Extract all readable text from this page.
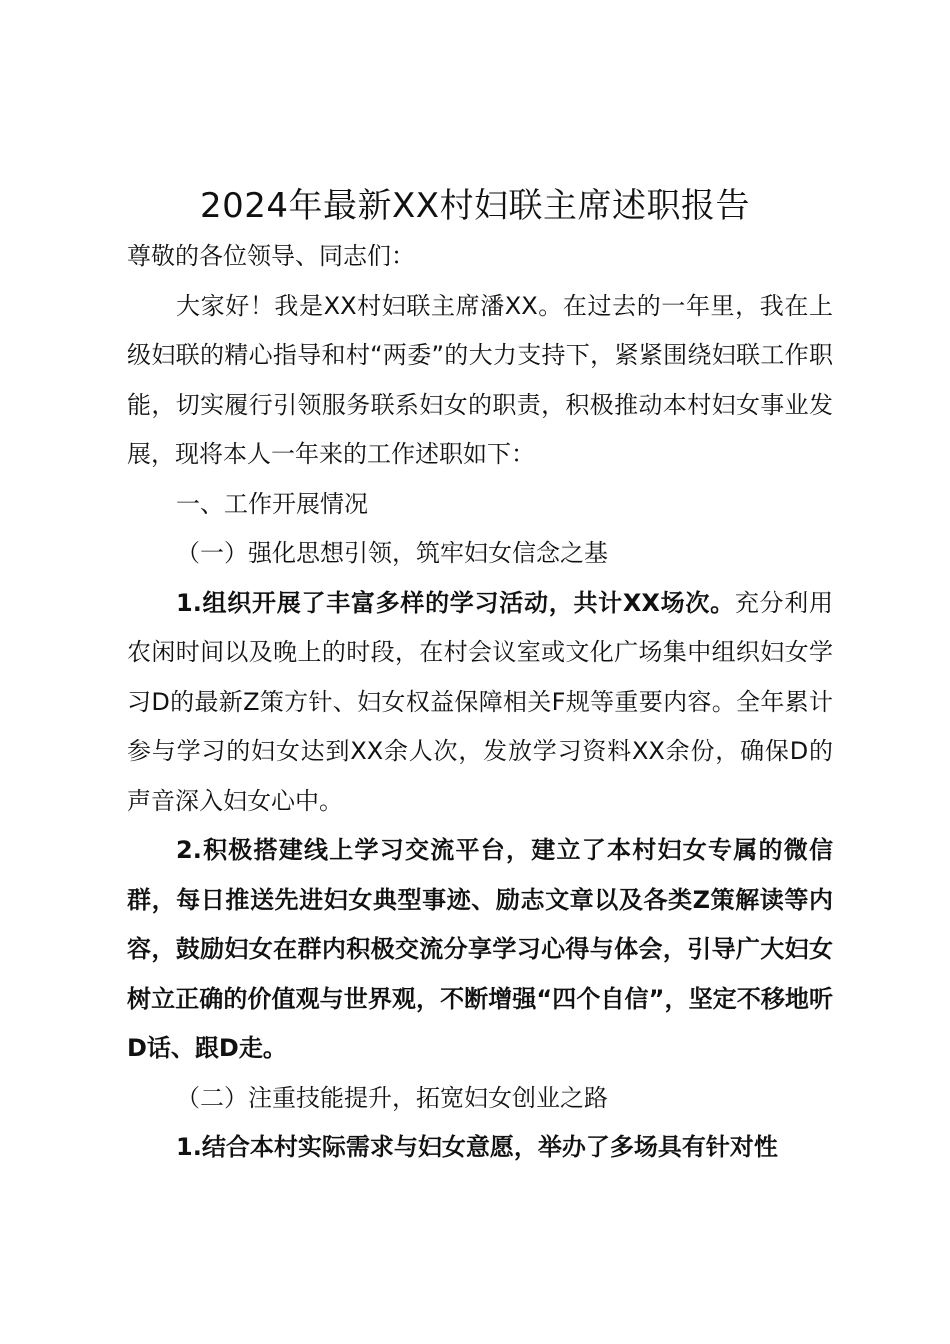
2024年最新XX村妇联主席述职报告

尊敬的各位领导、同志们：

大家好！我是XX村妇联主席潘XX。在过去的一年里，我在上级妇联的精心指导和村“两委”的大力支持下，紧紧围绕妇联工作职能，切实履行引领服务联系妇女的职责，积极推动本村妇女事业发展，现将本人一年来的工作述职如下：

一、工作开展情况

（一）强化思想引领，筑牢妇女信念之基

1.组织开展了丰富多样的学习活动，共计XX场次。充分利用农闲时间以及晚上的时段，在村会议室或文化广场集中组织妇女学习D的最新Z策方针、妇女权益保障相关F规等重要内容。全年累计参与学习的妇女达到XX余人次，发放学习资料XX余份，确保D的声音深入妇女心中。

2.积极搭建线上学习交流平台，建立了本村妇女专属的微信群，每日推送先进妇女典型事迹、励志文章以及各类Z策解读等内容，鼓励妇女在群内积极交流分享学习心得与体会，引导广大妇女树立正确的价值观与世界观，不断增强“四个自信”，坚定不移地听D话、跟D走。

（二）注重技能提升，拓宽妇女创业之路

1.结合本村实际需求与妇女意愿，举办了多场具有针对性
